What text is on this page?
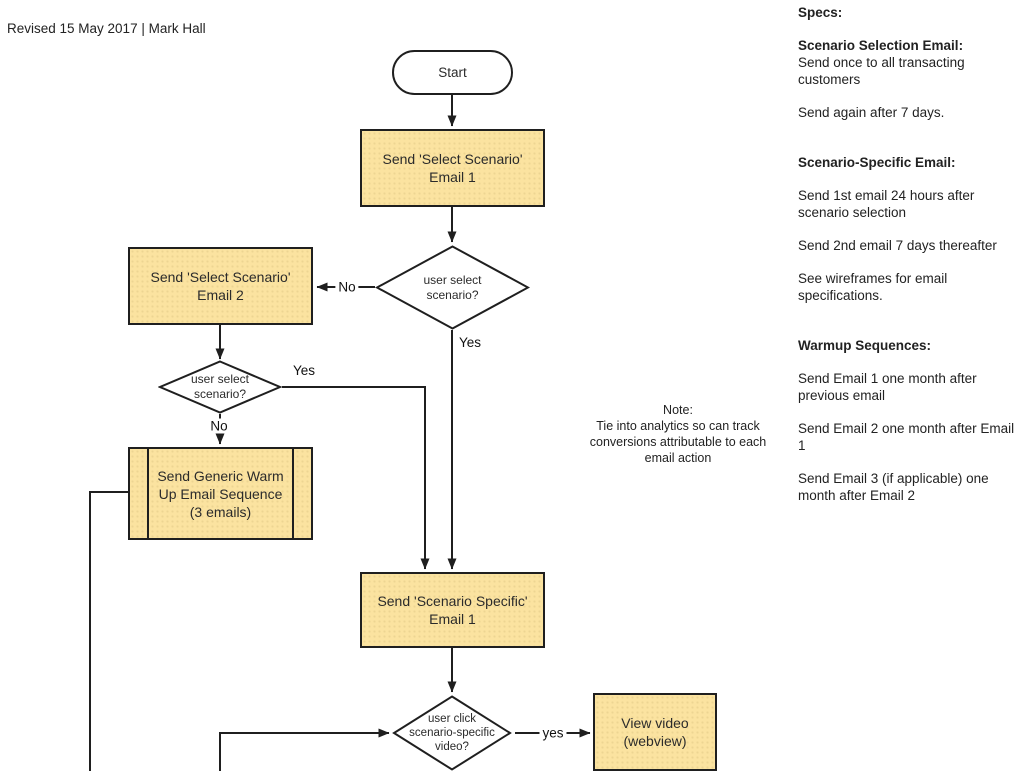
Revised 15 May 2017 | Mark Hall
Note:
Tie into analytics so can track
conversions attributable to each
email action
Specs:
Scenario Selection Email:

Send once to all transacting customers

Send again after 7 days.

Scenario-Specific Email:

Send 1st email 24 hours after scenario selection

Send 2nd email 7 days thereafter

See wireframes for email specifications.

Warmup Sequences:

Send Email 1 one month after previous email

Send Email 2 one month after Email 1

Send Email 3 (if applicable) one month after Email 2

Start
Send 'Select Scenario'
Email 1
user select
scenario?
Send 'Select Scenario'
Email 2
user select
scenario?
Send Generic Warm
Up Email Sequence
(3 emails)
Send 'Scenario Specific'
Email 1
user click
scenario-specific
video?
View video
(webview)
No
Yes
Yes
No
yes
